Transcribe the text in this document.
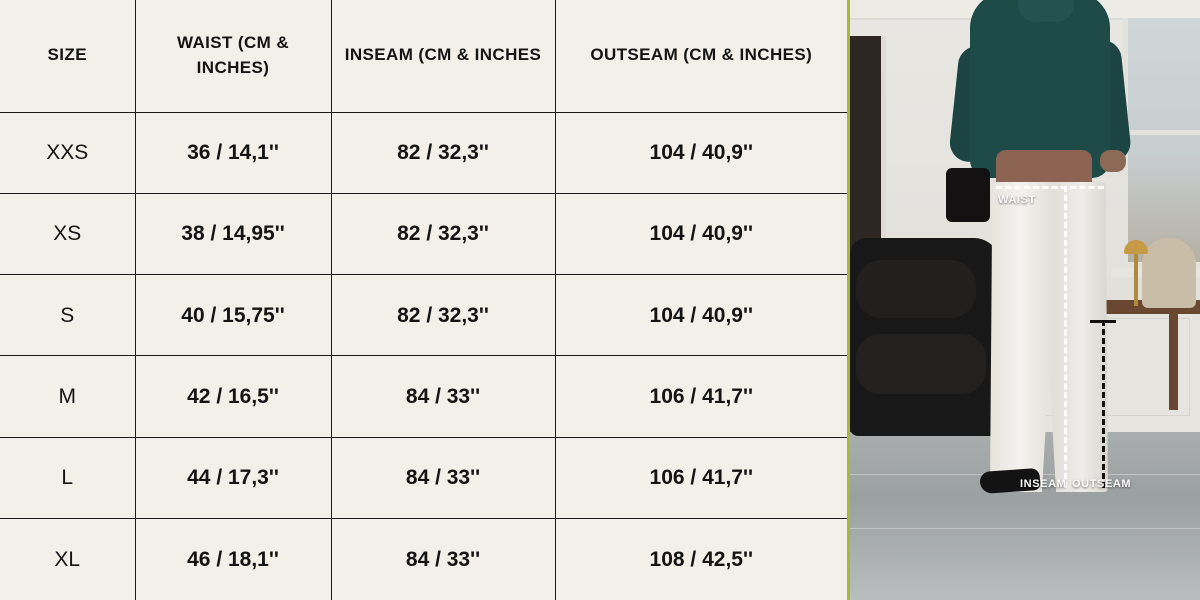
SIZE	WAIST (CM & INCHES)	INSEAM (CM & INCHES	OUTSEAM (CM & INCHES)
XXS	36 / 14,1''	82 / 32,3''	104 / 40,9''
XS	38 / 14,95''	82 / 32,3''	104 / 40,9''
S	40 / 15,75''	82 / 32,3''	104 / 40,9''
M	42 / 16,5''	84 / 33''	106 / 41,7''
L	44 / 17,3''	84 / 33''	106 / 41,7''
XL	46 / 18,1''	84 / 33''	108 / 42,5''
WAIST
INSEAM OUTSEAM
